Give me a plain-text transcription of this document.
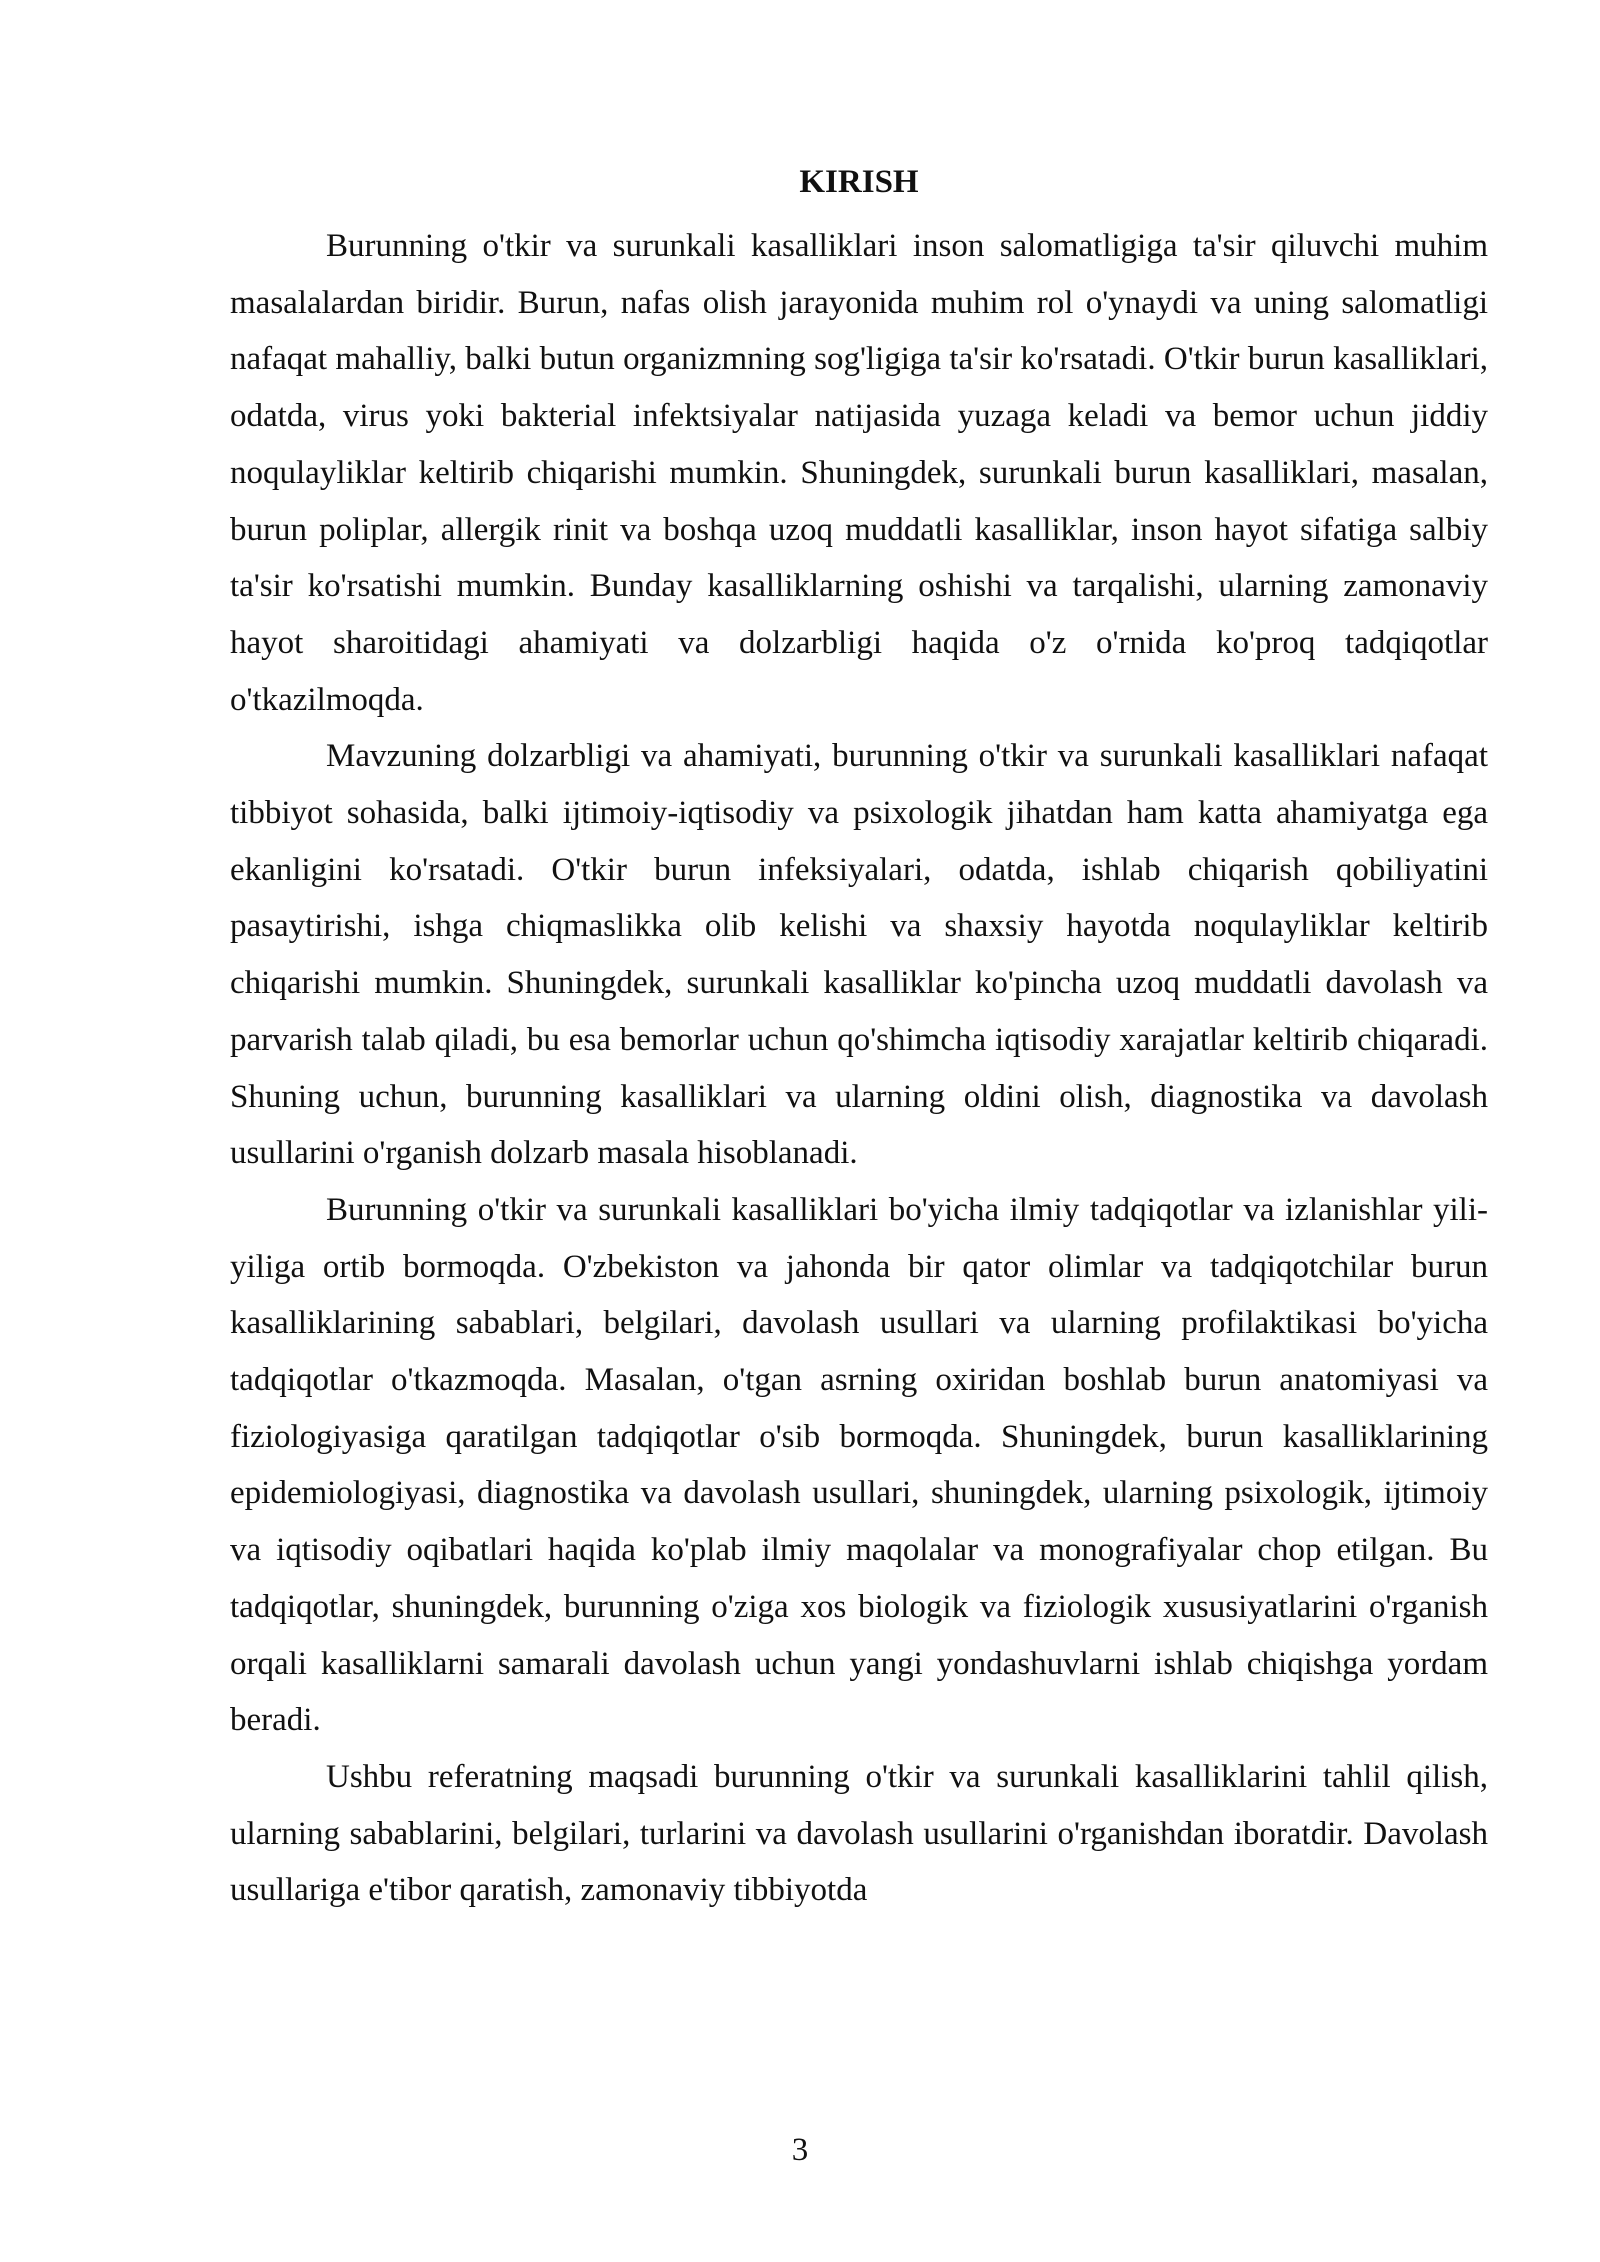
KIRISH

Burunning o'tkir va surunkali kasalliklari inson salomatligiga ta'sir qiluvchi muhim masalalardan biridir. Burun, nafas olish jarayonida muhim rol o'ynaydi va uning salomatligi nafaqat mahalliy, balki butun organizmning sog'ligiga ta'sir ko'rsatadi. O'tkir burun kasalliklari, odatda, virus yoki bakterial infektsiyalar natijasida yuzaga keladi va bemor uchun jiddiy noqulayliklar keltirib chiqarishi mumkin. Shuningdek, surunkali burun kasalliklari, masalan, burun poliplar, allergik rinit va boshqa uzoq muddatli kasalliklar, inson hayot sifatiga salbiy ta'sir ko'rsatishi mumkin. Bunday kasalliklarning oshishi va tarqalishi, ularning zamonaviy hayot sharoitidagi ahamiyati va dolzarbligi haqida o'z o'rnida ko'proq tadqiqotlar o'tkazilmoqda.

Mavzuning dolzarbligi va ahamiyati, burunning o'tkir va surunkali kasalliklari nafaqat tibbiyot sohasida, balki ijtimoiy-iqtisodiy va psixologik jihatdan ham katta ahamiyatga ega ekanligini ko'rsatadi. O'tkir burun infeksiyalari, odatda, ishlab chiqarish qobiliyatini pasaytirishi, ishga chiqmaslikka olib kelishi va shaxsiy hayotda noqulayliklar keltirib chiqarishi mumkin. Shuningdek, surunkali kasalliklar ko'pincha uzoq muddatli davolash va parvarish talab qiladi, bu esa bemorlar uchun qo'shimcha iqtisodiy xarajatlar keltirib chiqaradi. Shuning uchun, burunning kasalliklari va ularning oldini olish, diagnostika va davolash usullarini o'rganish dolzarb masala hisoblanadi.

Burunning o'tkir va surunkali kasalliklari bo'yicha ilmiy tadqiqotlar va izlanishlar yili-yiliga ortib bormoqda. O'zbekiston va jahonda bir qator olimlar va tadqiqotchilar burun kasalliklarining sabablari, belgilari, davolash usullari va ularning profilaktikasi bo'yicha tadqiqotlar o'tkazmoqda. Masalan, o'tgan asrning oxiridan boshlab burun anatomiyasi va fiziologiyasiga qaratilgan tadqiqotlar o'sib bormoqda. Shuningdek, burun kasalliklarining epidemiologiyasi, diagnostika va davolash usullari, shuningdek, ularning psixologik, ijtimoiy va iqtisodiy oqibatlari haqida ko'plab ilmiy maqolalar va monografiyalar chop etilgan. Bu tadqiqotlar, shuningdek, burunning o'ziga xos biologik va fiziologik xususiyatlarini o'rganish orqali kasalliklarni samarali davolash uchun yangi yondashuvlarni ishlab chiqishga yordam beradi.

Ushbu referatning maqsadi burunning o'tkir va surunkali kasalliklarini tahlil qilish, ularning sabablarini, belgilari, turlarini va davolash usullarini o'rganishdan iboratdir. Davolash usullariga e'tibor qaratish, zamonaviy tibbiyotda

3
